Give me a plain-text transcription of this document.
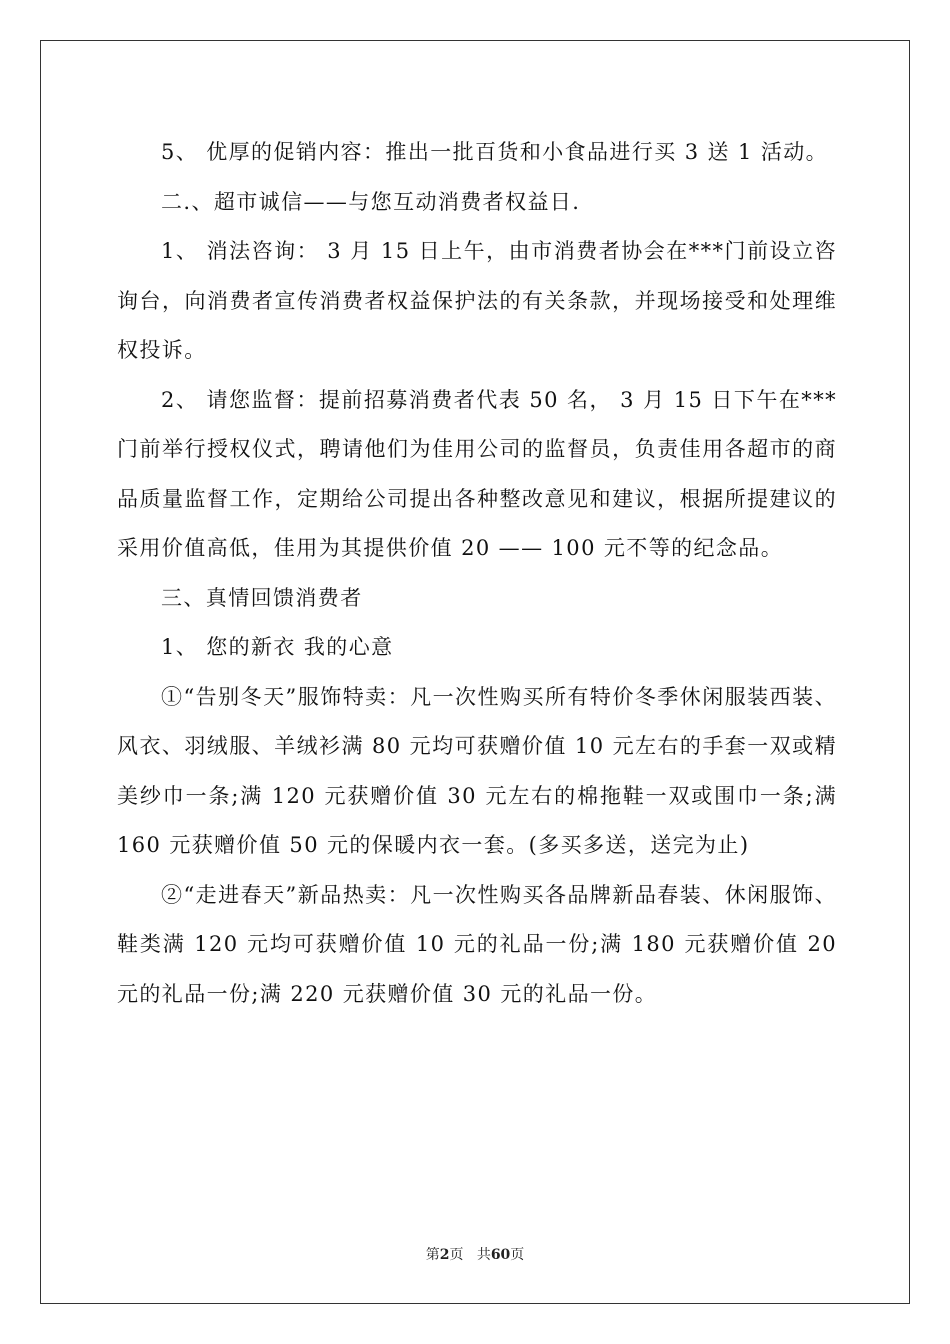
5、 优厚的促销内容：推出一批百货和小食品进行买 3 送 1 活动。

二.、超市诚信——与您互动消费者权益日.

1、 消法咨询： 3 月 15 日上午，由市消费者协会在***门前设立咨询台，向消费者宣传消费者权益保护法的有关条款，并现场接受和处理维权投诉。

2、 请您监督：提前招募消费者代表 50 名， 3 月 15 日下午在***门前举行授权仪式，聘请他们为佳用公司的监督员，负责佳用各超市的商品质量监督工作，定期给公司提出各种整改意见和建议，根据所提建议的采用价值高低，佳用为其提供价值 20 —— 100 元不等的纪念品。

三、真情回馈消费者

1、 您的新衣 我的心意

①“告别冬天”服饰特卖：凡一次性购买所有特价冬季休闲服装西装、风衣、羽绒服、羊绒衫满 80 元均可获赠价值 10 元左右的手套一双或精美纱巾一条;满 120 元获赠价值 30 元左右的棉拖鞋一双或围巾一条;满 160 元获赠价值 50 元的保暖内衣一套。(多买多送，送完为止)

②“走进春天”新品热卖：凡一次性购买各品牌新品春装、休闲服饰、鞋类满 120 元均可获赠价值 10 元的礼品一份;满 180 元获赠价值 20 元的礼品一份;满 220 元获赠价值 30 元的礼品一份。

第2页 共60页
